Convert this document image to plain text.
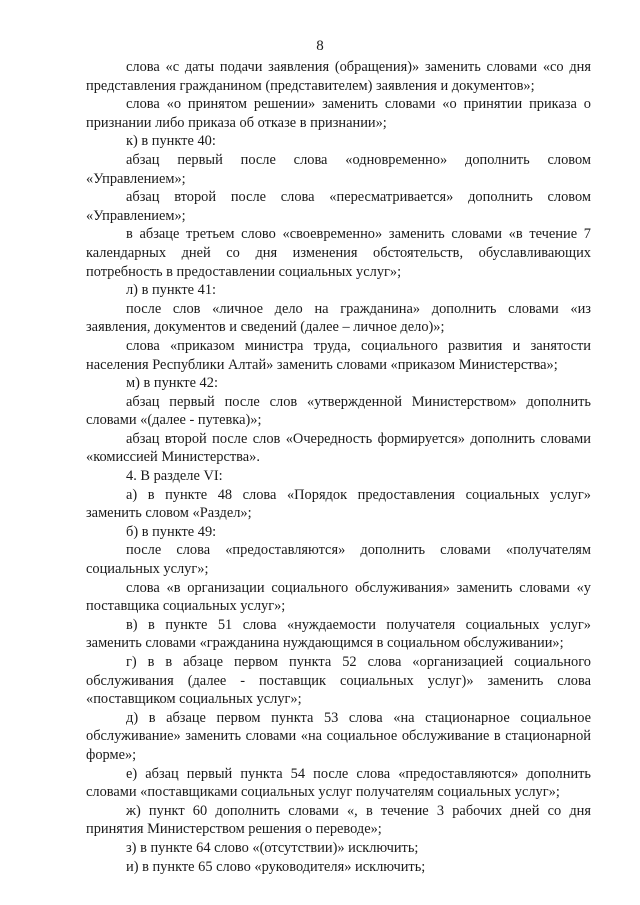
8

слова «с даты подачи заявления (обращения)» заменить словами «со дня представления гражданином (представителем) заявления и документов»;

слова «о принятом решении» заменить словами «о принятии приказа о признании либо приказа об отказе в признании»;

к) в пункте 40:

абзац первый после слова «одновременно» дополнить словом «Управлением»;

абзац второй после слова «пересматривается» дополнить словом «Управлением»;

в абзаце третьем слово «своевременно» заменить словами «в течение 7 календарных дней со дня изменения обстоятельств, обуславливающих потребность в предоставлении социальных услуг»;

л) в пункте 41:

после слов «личное дело на гражданина» дополнить словами «из заявления, документов и сведений (далее – личное дело)»;

слова «приказом министра труда, социального развития и занятости населения Республики Алтай» заменить словами «приказом Министерства»;

м) в пункте 42:

абзац первый после слов «утвержденной Министерством» дополнить словами «(далее - путевка)»;

абзац второй после слов «Очередность формируется» дополнить словами «комиссией Министерства».

4. В разделе VI:

а) в пункте 48 слова «Порядок предоставления социальных услуг» заменить словом «Раздел»;

б) в пункте 49:

после слова «предоставляются» дополнить словами «получателям социальных услуг»;

слова «в организации социального обслуживания» заменить словами «у поставщика социальных услуг»;

в) в пункте 51 слова «нуждаемости получателя социальных услуг» заменить словами «гражданина нуждающимся в социальном обслуживании»;

г) в в абзаце первом пункта 52 слова «организацией социального обслуживания (далее - поставщик социальных услуг)» заменить слова «поставщиком социальных услуг»;

д) в абзаце первом пункта 53 слова «на стационарное социальное обслуживание» заменить словами «на социальное обслуживание в стационарной форме»;

е) абзац первый пункта 54 после слова «предоставляются» дополнить словами «поставщиками социальных услуг получателям социальных услуг»;

ж) пункт 60 дополнить словами «, в течение 3 рабочих дней со дня принятия Министерством решения о переводе»;

з) в пункте 64 слово «(отсутствии)» исключить;

и) в пункте 65 слово «руководителя» исключить;
